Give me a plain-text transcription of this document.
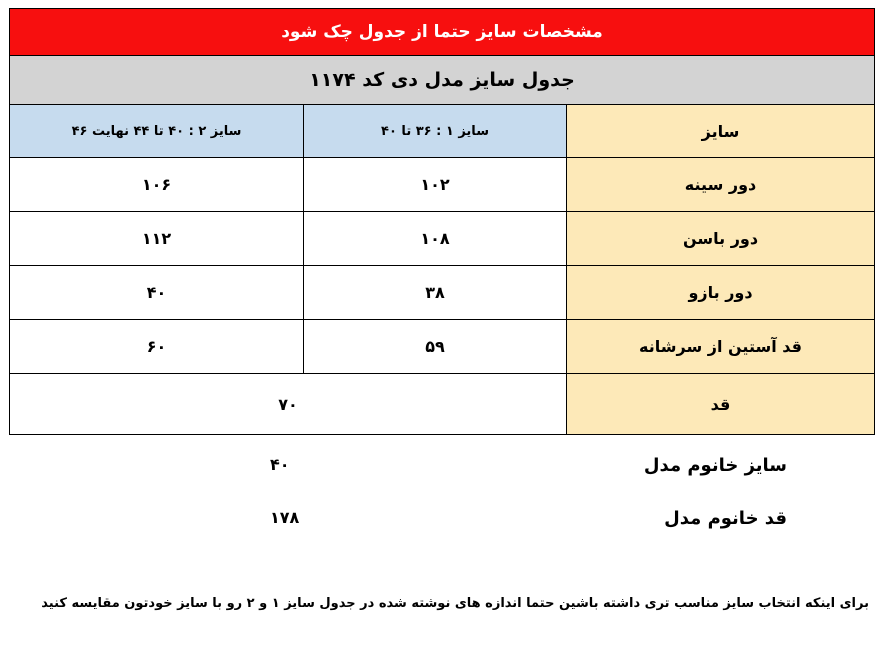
مشخصات سایز حتما از جدول چک شود		
جدول سایز مدل دی کد ۱۱۷۴		
سایز	سایز ۱ : ۳۶ تا ۴۰	سایز ۲ : ۴۰ تا ۴۴ نهایت ۴۶
دور سینه	۱۰۲	۱۰۶
دور باسن	۱۰۸	۱۱۲
دور بازو	۳۸	۴۰
قد آستین از سرشانه	۵۹	۶۰
قد	۷۰	
سایز خانوم مدل
۴۰
قد خانوم مدل
۱۷۸
برای اینکه انتخاب سایز مناسب تری داشته باشین حتما اندازه های نوشته شده در جدول سایز ۱ و ۲ رو با سایز خودتون مقایسه کنید
